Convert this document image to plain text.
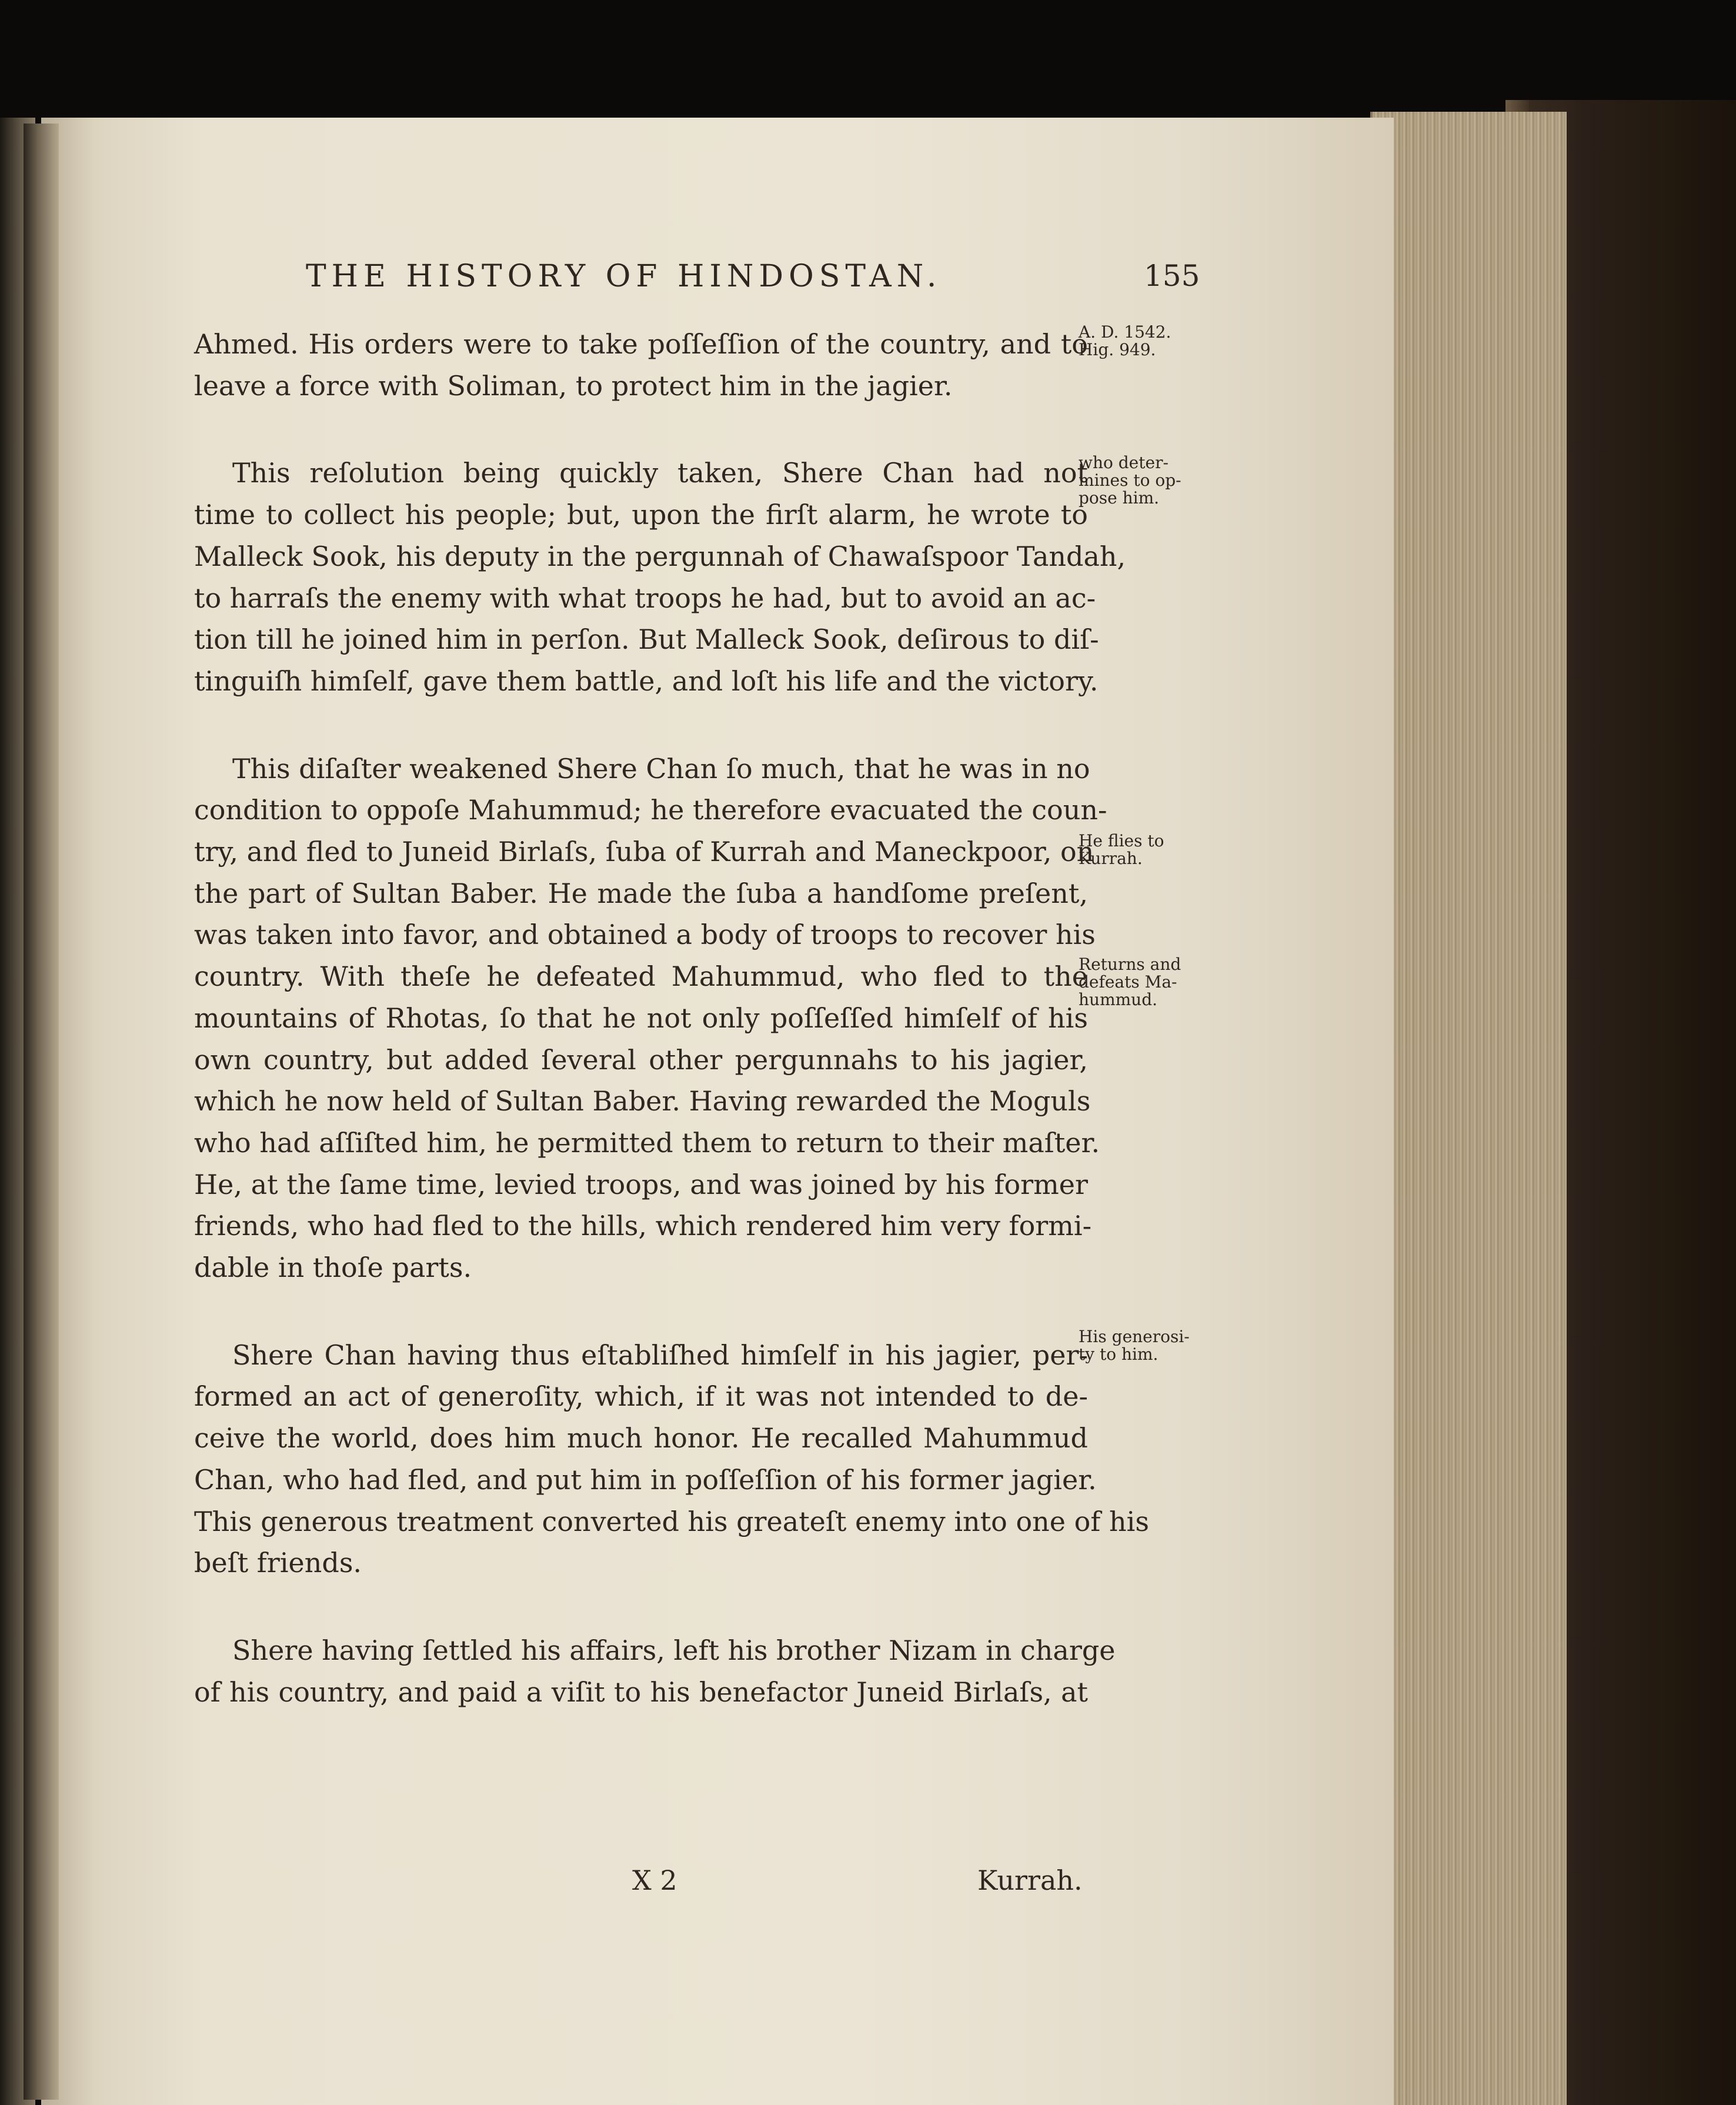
THE HISTORY OF HINDOSTAN.	155
A. D. 1542.
Hig. 949.
who deter-
mines to op-
pose him.
He flies to
Kurrah.
Returns and
defeats Ma-
hummud.
His generosi-
ty to him.
Ahmed. His orders were to take poſſeſſion of the country, and to
leave a force with Soliman, to protect him in the jagier.
This reſolution being quickly taken, Shere Chan had not
time to collect his people; but, upon the firſt alarm, he wrote to
Malleck Sook, his deputy in the pergunnah of Chawaſspoor Tandah,
to harraſs the enemy with what troops he had, but to avoid an ac-
tion till he joined him in perſon. But Malleck Sook, deſirous to diſ-
tinguiſh himſelf, gave them battle, and loſt his life and the victory.
This diſaſter weakened Shere Chan ſo much, that he was in no
condition to oppoſe Mahummud; he therefore evacuated the coun-
try, and fled to Juneid Birlaſs, ſuba of Kurrah and Maneckpoor, on
the part of Sultan Baber. He made the ſuba a handſome preſent,
was taken into favor, and obtained a body of troops to recover his
country. With theſe he defeated Mahummud, who fled to the
mountains of Rhotas, ſo that he not only poſſeſſed himſelf of his
own country, but added ſeveral other pergunnahs to his jagier,
which he now held of Sultan Baber. Having rewarded the Moguls
who had aſſiſted him, he permitted them to return to their maſter.
He, at the ſame time, levied troops, and was joined by his former
friends, who had fled to the hills, which rendered him very formi-
dable in thoſe parts.
Shere Chan having thus eſtabliſhed himſelf in his jagier, per-
formed an act of generoſity, which, if it was not intended to de-
ceive the world, does him much honor. He recalled Mahummud
Chan, who had fled, and put him in poſſeſſion of his former jagier.
This generous treatment converted his greateſt enemy into one of his
beſt friends.
Shere having ſettled his affairs, left his brother Nizam in charge
of his country, and paid a viſit to his benefactor Juneid Birlaſs, at
X 2	Kurrah.
